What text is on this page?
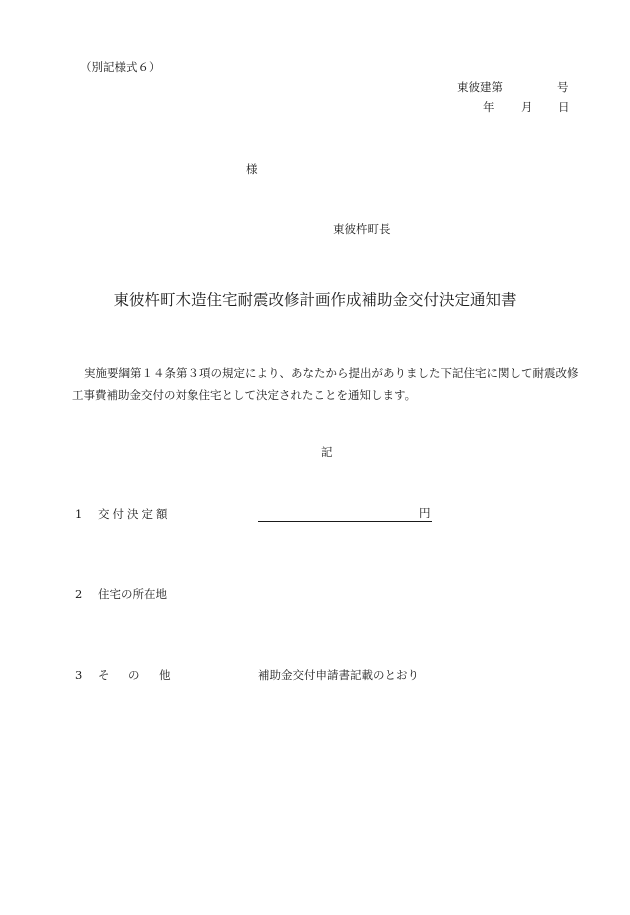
（別記様式６）
東彼建第	号
年 月 日
様
東彼杵町長
東彼杵町木造住宅耐震改修計画作成補助金交付決定通知書
実施要綱第１４条第３項の規定により、あなたから提出がありました下記住宅に関して耐震改修工事費補助金交付の対象住宅として決定されたことを通知します。
記
1 交付決定額	円
2 住宅の所在地
3 そ の 他	補助金交付申請書記載のとおり
